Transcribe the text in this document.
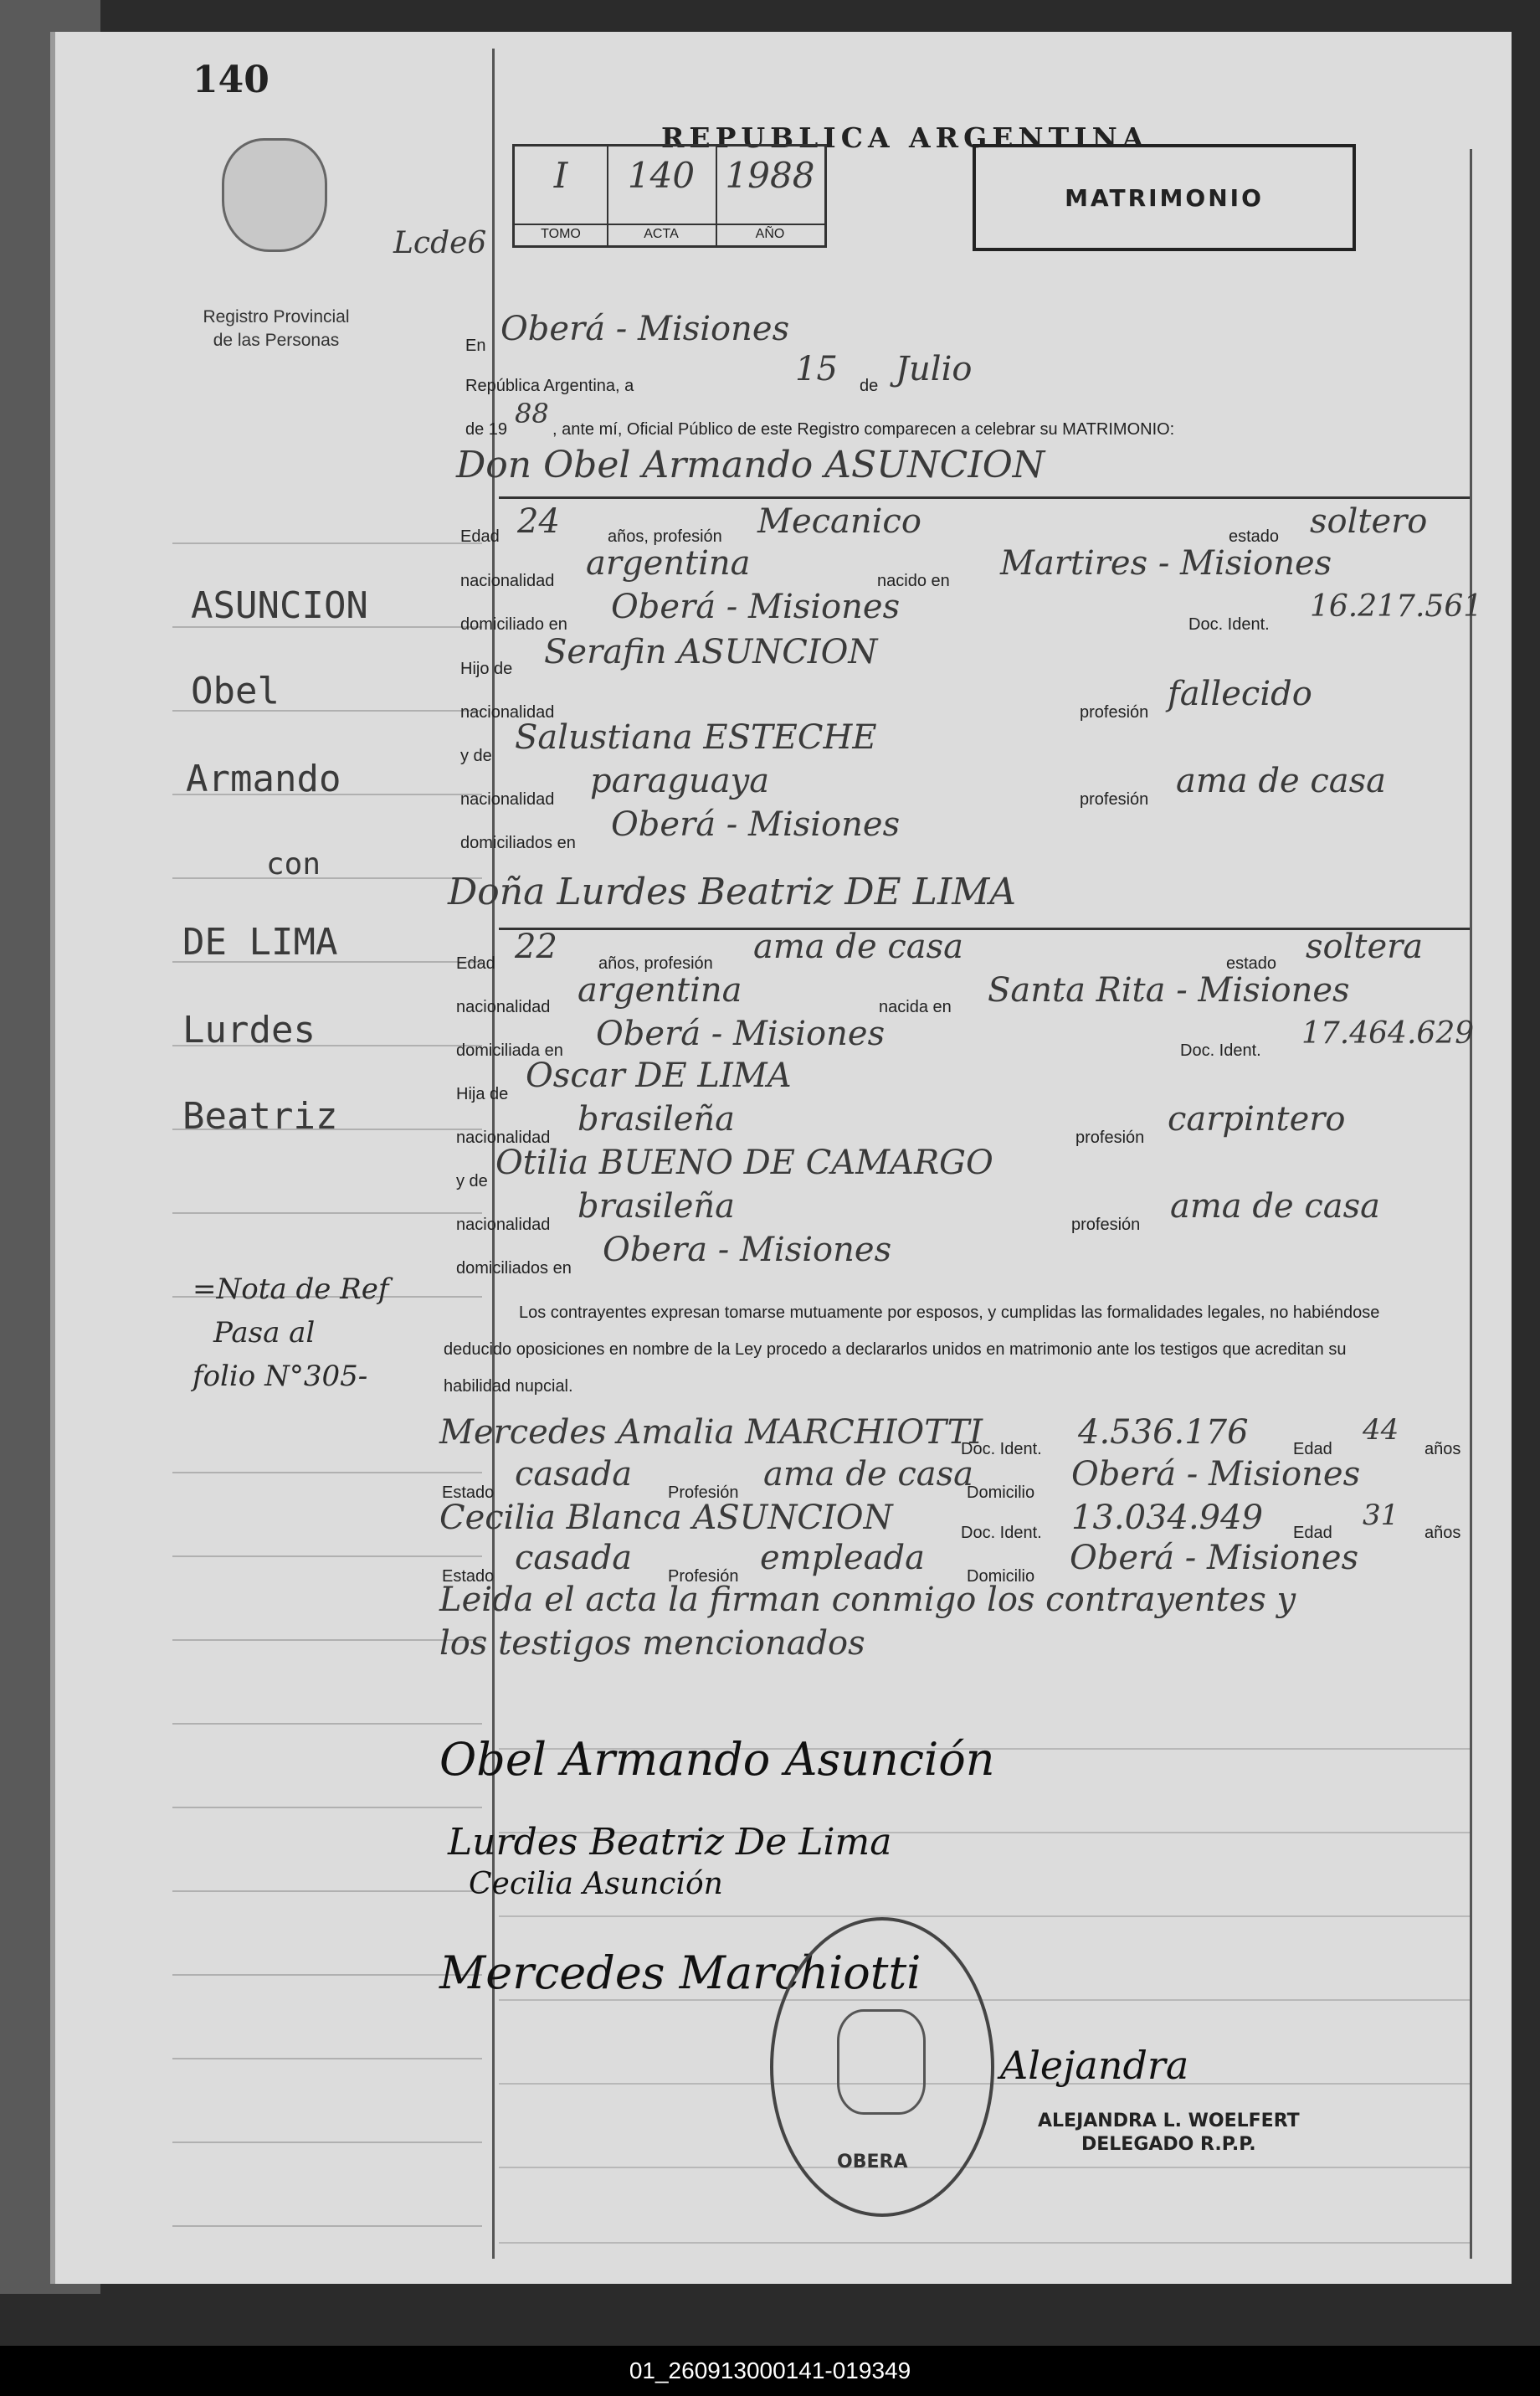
140
Registro Provincial
de las Personas
REPUBLICA ARGENTINA
Lcde6
I
TOMO
140
ACTA
1988
AÑO
MATRIMONIO
ASUNCION
Obel
Armando
con
DE LIMA
Lurdes
Beatriz
=Nota de Ref
Pasa al
folio N°305-
En Oberá - Misiones
República Argentina, a	15 de Julio
de 19 88 , ante mí, Oficial Público de este Registro comparecen a celebrar su MATRIMONIO:
Don Obel Armando ASUNCION
Edad 24	años, profesión Mecanico	estado soltero
nacionalidad argentina	nacido en Martires - Misiones
domiciliado en Oberá - Misiones	Doc. Ident.
16.217.561
Hijo de Serafin ASUNCION
nacionalidad	profesión fallecido
y de Salustiana ESTECHE
nacionalidad paraguaya	profesión ama de casa
domiciliados en Oberá - Misiones
Doña Lurdes Beatriz DE LIMA
Edad 22 años, profesión ama de casa	estado soltera
nacionalidad argentina	nacida en Santa Rita - Misiones
domiciliada en Oberá - Misiones	Doc. Ident. 17.464.629
Hija de Oscar DE LIMA
nacionalidad brasileña	profesión carpintero
y de Otilia BUENO DE CAMARGO
nacionalidad brasileña	profesión ama de casa
domiciliados en Obera - Misiones
Los contrayentes expresan tomarse mutuamente por esposos, y cumplidas las formalidades legales, no habiéndose deducido oposiciones en nombre de la Ley procedo a declararlos unidos en matrimonio ante los testigos que acreditan su habilidad nupcial.
Mercedes Amalia MARCHIOTTI
Doc. Ident. 4.536.176	Edad
44
años
Estado casada Profesión ama de casa
Domicilio Oberá - Misiones
Cecilia Blanca ASUNCION	Doc. Ident. 13.034.949 Edad
31
años
Estado casada Profesión empleada	Domicilio Oberá - Misiones
Leida el acta la firman conmigo los contrayentes y
los testigos mencionados
Obel Armando Asunción
Lurdes Beatriz De Lima
Cecilia Asunción
Mercedes Marchiotti
Alejandra
OBERA
ALEJANDRA L. WOELFERT
DELEGADO R.P.P.
01_260913000141-019349
